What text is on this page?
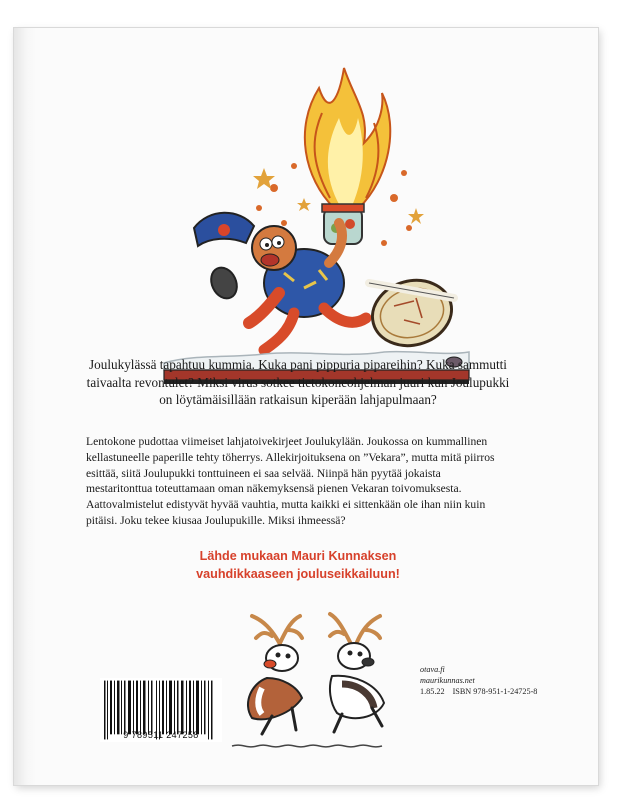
9 789511 247258
Joulukylässä tapahtuu kummia. Kuka pani pippuria pipareihin? Kuka sammutti taivaalta revontulet? Miksi virus sotkee tietokoneohjelman juuri kun Joulupukki on löytämäisillään ratkaisun kiperään lahjapulmaan?
Lentokone pudottaa viimeiset lahjatoivekirjeet Joulukylään. Joukossa on kummallinen kellastuneelle paperille tehty töherrys. Allekirjoituksena on ”Vekara”, mutta mitä piirros esittää, siitä Joulupukki tonttuineen ei saa selvää. Niinpä hän pyytää jokaista mestaritonttua toteuttamaan oman näkemyksensä pienen Vekaran toivomuksesta. Aattovalmistelut edistyvät hyvää vauhtia, mutta kaikki ei sittenkään ole ihan niin kuin pitäisi. Joku tekee kiusaa Joulupukille. Miksi ihmeessä?
Lähde mukaan Mauri Kunnaksen
vauhdikkaaseen jouluseikkailuun!
otava.fi
maurikunnas.net
1.85.22 ISBN 978-951-1-24725-8
